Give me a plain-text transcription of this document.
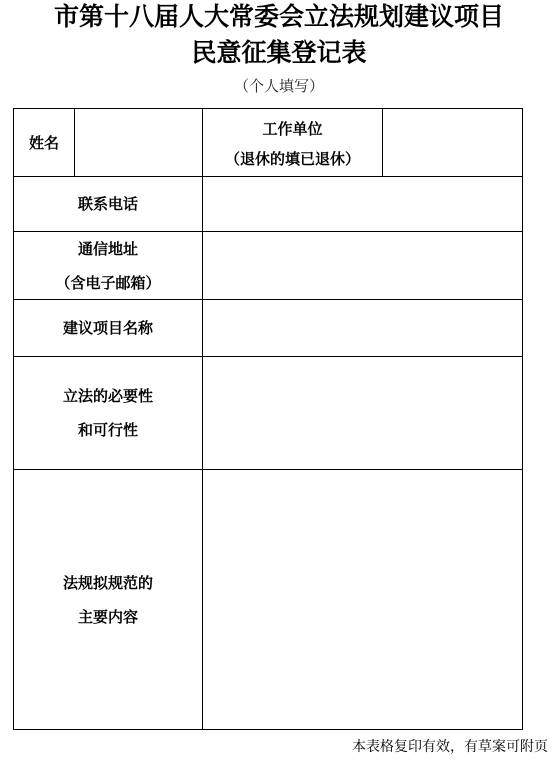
市第十八届人大常委会立法规划建议项目
民意征集登记表
（个人填写）
姓名
工作单位
（退休的填已退休）
联系电话
通信地址
（含电子邮箱）
建议项目名称
立法的必要性
和可行性
法规拟规范的
主要内容
本表格复印有效，有草案可附页
